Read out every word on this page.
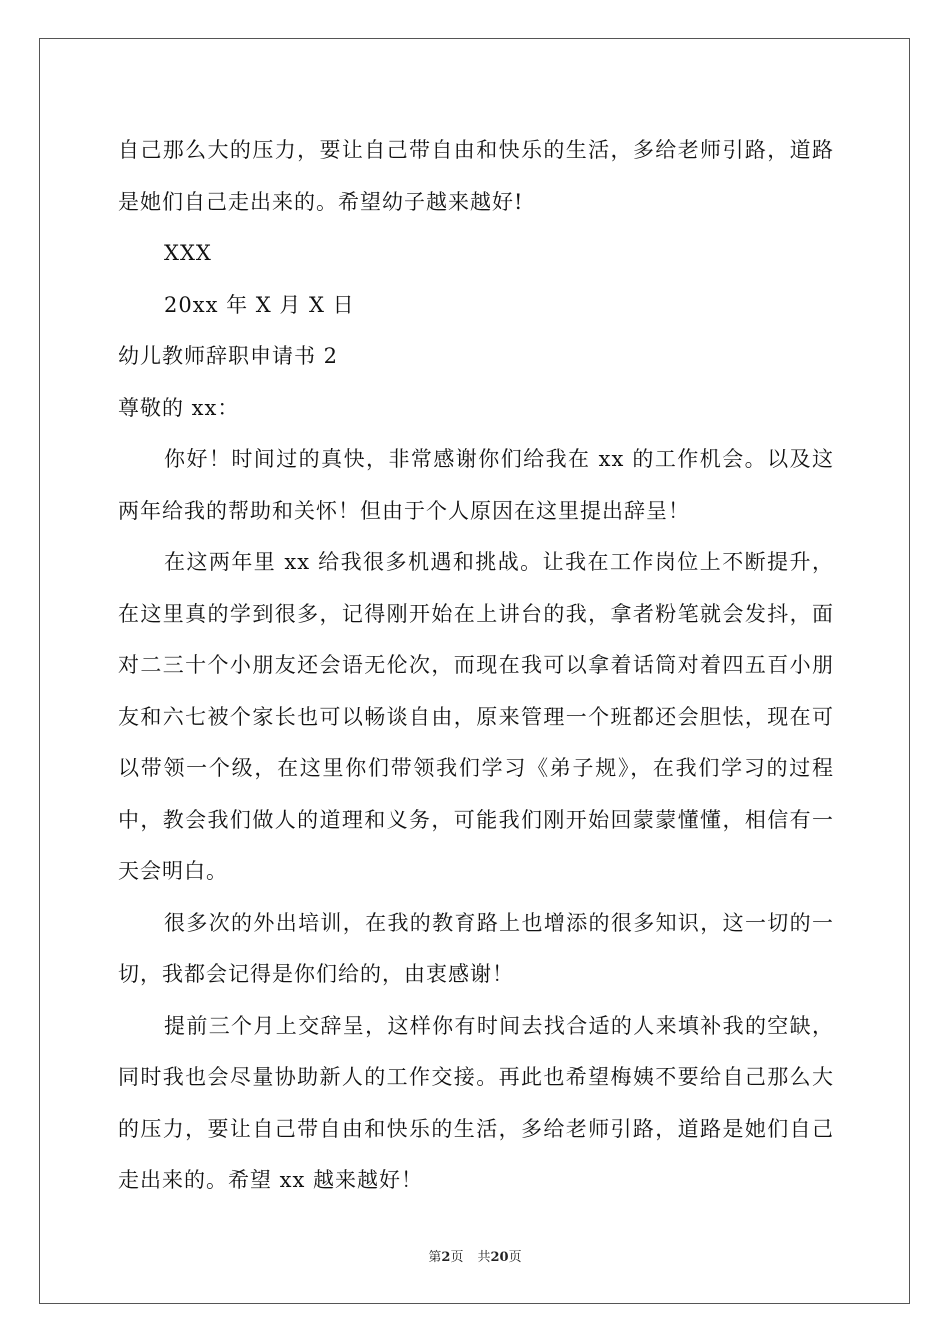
自己那么大的压力，要让自己带自由和快乐的生活，多给老师引路，道路是她们自己走出来的。希望幼子越来越好!

XXX

20xx 年 X 月 X 日

幼儿教师辞职申请书 2

尊敬的 xx：

你好！时间过的真快，非常感谢你们给我在 xx 的工作机会。以及这两年给我的帮助和关怀！但由于个人原因在这里提出辞呈！

在这两年里 xx 给我很多机遇和挑战。让我在工作岗位上不断提升，在这里真的学到很多，记得刚开始在上讲台的我，拿者粉笔就会发抖，面对二三十个小朋友还会语无伦次，而现在我可以拿着话筒对着四五百小朋友和六七被个家长也可以畅谈自由，原来管理一个班都还会胆怯，现在可以带领一个级，在这里你们带领我们学习《弟子规》，在我们学习的过程中，教会我们做人的道理和义务，可能我们刚开始回蒙蒙懂懂，相信有一天会明白。

很多次的外出培训，在我的教育路上也增添的很多知识，这一切的一切，我都会记得是你们给的，由衷感谢！

提前三个月上交辞呈，这样你有时间去找合适的人来填补我的空缺，同时我也会尽量协助新人的工作交接。再此也希望梅姨不要给自己那么大的压力，要让自己带自由和快乐的生活，多给老师引路，道路是她们自己走出来的。希望 xx 越来越好！

第2页 共20页
